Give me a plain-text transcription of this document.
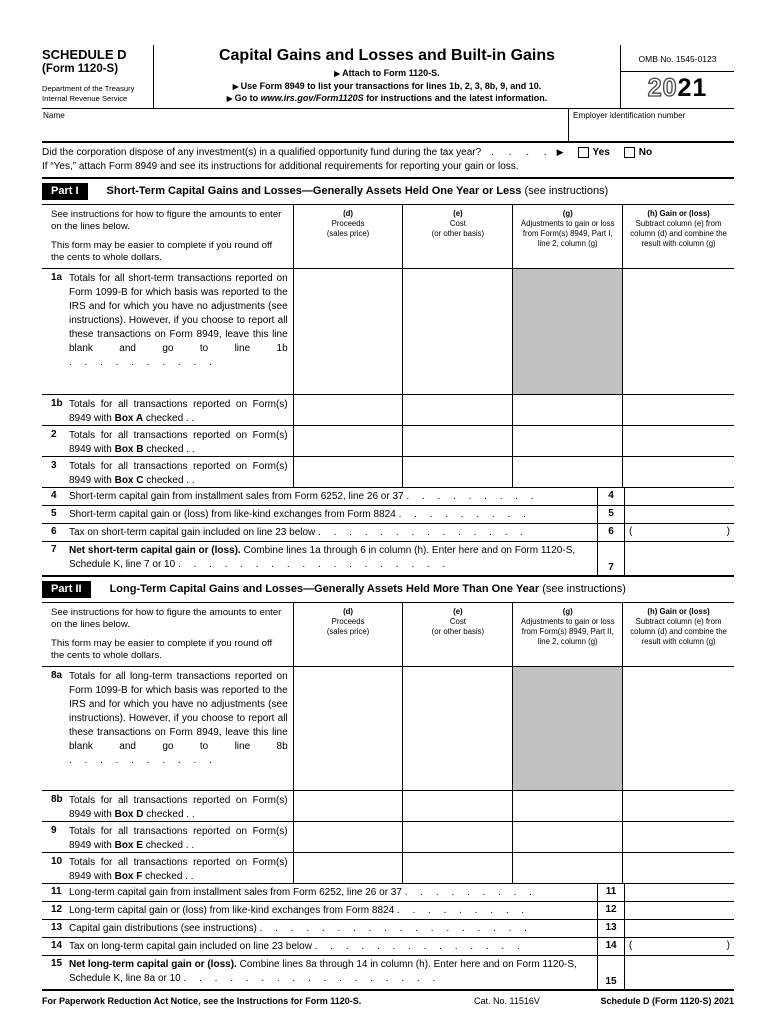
SCHEDULE D
(Form 1120-S)
Department of the Treasury
Internal Revenue Service
Capital Gains and Losses and Built-in Gains
▶ Attach to Form 1120-S.
▶ Use Form 8949 to list your transactions for lines 1b, 2, 3, 8b, 9, and 10.
▶ Go to www.irs.gov/Form1120S for instructions and the latest information.
OMB No. 1545-0123
2021
Name	Employer identification number
Did the corporation dispose of any investment(s) in a qualified opportunity fund during the tax year? . . . . ▶	Yes	No
If “Yes,” attach Form 8949 and see its instructions for additional requirements for reporting your gain or loss.
Part I	Short-Term Capital Gains and Losses—Generally Assets Held One Year or Less (see instructions)

See instructions for how to figure the amounts to enter on the lines below.

This form may be easier to complete if you round off the cents to whole dollars.

(d)
Proceeds
(sales price)
(e)
Cost
(or other basis)
(g)
Adjustments to gain or loss from Form(s) 8949, Part I, line 2, column (g)
(h) Gain or (loss)
Subtract column (e) from column (d) and combine the result with column (g)
1a Totals for all short-term transactions reported on Form 1099-B for which basis was reported to the IRS and for which you have no adjustments (see instructions). However, if you choose to report all these transactions on Form 8949, leave this line blank and go to line 1b . . . . . . . . . .
1b Totals for all transactions reported on Form(s) 8949 with Box A checked . .
2	Totals for all transactions reported on Form(s) 8949 with Box B checked . .
3	Totals for all transactions reported on Form(s) 8949 with Box C checked . .
4	Short-term capital gain from installment sales from Form 6252, line 26 or 37 . . . . . . . . .	4
5	Short-term capital gain or (loss) from like-kind exchanges from Form 8824 . . . . . . . . .	5
6	Tax on short-term capital gain included on line 23 below . . . . . . . . . . . . . .	6	(	)
7	Net short-term capital gain or (loss). Combine lines 1a through 6 in column (h). Enter here and on Form 1120-S, Schedule K, line 7 or 10 . . . . . . . . . . . . . . . . . .	7
Part II	Long-Term Capital Gains and Losses—Generally Assets Held More Than One Year (see instructions)

See instructions for how to figure the amounts to enter on the lines below.

This form may be easier to complete if you round off the cents to whole dollars.

(d)
Proceeds
(sales price)
(e)
Cost
(or other basis)
(g)
Adjustments to gain or loss from Form(s) 8949, Part II, line 2, column (g)
(h) Gain or (loss)
Subtract column (e) from column (d) and combine the result with column (g)
8a Totals for all long-term transactions reported on Form 1099-B for which basis was reported to the IRS and for which you have no adjustments (see instructions). However, if you choose to report all these transactions on Form 8949, leave this line blank and go to line 8b . . . . . . . . . .
8b Totals for all transactions reported on Form(s) 8949 with Box D checked . .
9	Totals for all transactions reported on Form(s) 8949 with Box E checked . .
10 Totals for all transactions reported on Form(s) 8949 with Box F checked . .
11 Long-term capital gain from installment sales from Form 6252, line 26 or 37 . . . . . . . . .	11
12 Long-term capital gain or (loss) from like-kind exchanges from Form 8824 . . . . . . . . .	12
13 Capital gain distributions (see instructions) . . . . . . . . . . . . . . . . . .	13
14 Tax on long-term capital gain included on line 23 below . . . . . . . . . . . . . .	14	(	)
15 Net long-term capital gain or (loss). Combine lines 8a through 14 in column (h). Enter here and on Form 1120-S, Schedule K, line 8a or 10 . . . . . . . . . . . . . . . . .	15
For Paperwork Reduction Act Notice, see the Instructions for Form 1120-S.	Cat. No. 11516V	Schedule D (Form 1120-S) 2021
